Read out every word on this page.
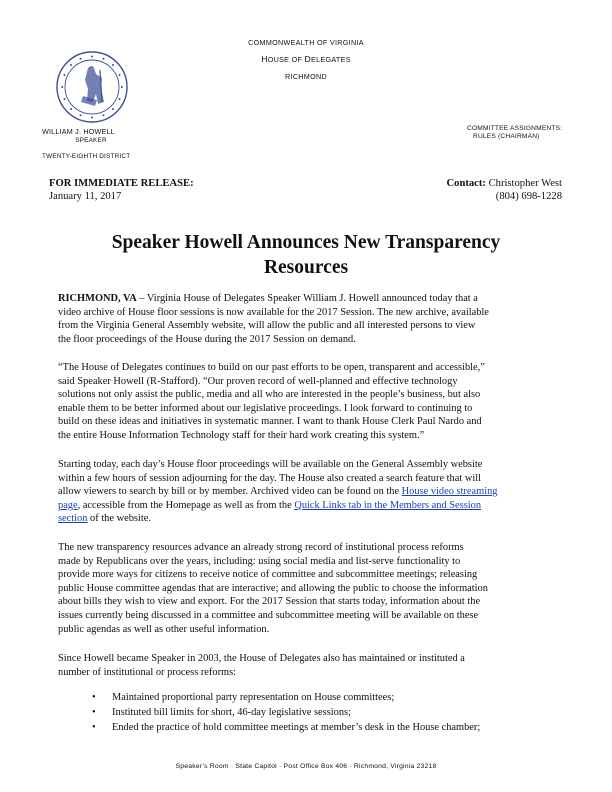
COMMONWEALTH OF VIRGINIA
HOUSE OF DELEGATES
RICHMOND
WILLIAM J. HOWELL
SPEAKER
TWENTY-EIGHTH DISTRICT
COMMITTEE ASSIGNMENTS:
RULES (CHAIRMAN)
FOR IMMEDIATE RELEASE:
January 11, 2017
Contact: Christopher West
(804) 698-1228
Speaker Howell Announces New Transparency
Resources
RICHMOND, VA – Virginia House of Delegates Speaker William J. Howell announced today that a
video archive of House floor sessions is now available for the 2017 Session. The new archive, available
from the Virginia General Assembly website, will allow the public and all interested persons to view
the floor proceedings of the House during the 2017 Session on demand.
“The House of Delegates continues to build on our past efforts to be open, transparent and accessible,”
said Speaker Howell (R-Stafford). “Our proven record of well-planned and effective technology
solutions not only assist the public, media and all who are interested in the people’s business, but also
enable them to be better informed about our legislative proceedings. I look forward to continuing to
build on these ideas and initiatives in systematic manner. I want to thank House Clerk Paul Nardo and
the entire House Information Technology staff for their hard work creating this system.”
Starting today, each day’s House floor proceedings will be available on the General Assembly website
within a few hours of session adjourning for the day. The House also created a search feature that will
allow viewers to search by bill or by member. Archived video can be found on the House video streaming
page, accessible from the Homepage as well as from the Quick Links tab in the Members and Session
section of the website.
The new transparency resources advance an already strong record of institutional process reforms
made by Republicans over the years, including: using social media and list-serve functionality to
provide more ways for citizens to receive notice of committee and subcommittee meetings; releasing
public House committee agendas that are interactive; and allowing the public to choose the information
about bills they wish to view and export. For the 2017 Session that starts today, information about the
issues currently being discussed in a committee and subcommittee meeting will be available on these
public agendas as well as other useful information.
Since Howell became Speaker in 2003, the House of Delegates also has maintained or instituted a
number of institutional or process reforms:
•	Maintained proportional party representation on House committees;
•	Instituted bill limits for short, 46-day legislative sessions;
•	Ended the practice of hold committee meetings at member’s desk in the House chamber;
Speaker’s Room · State Capitol · Post Office Box 406 · Richmond, Virginia 23218
